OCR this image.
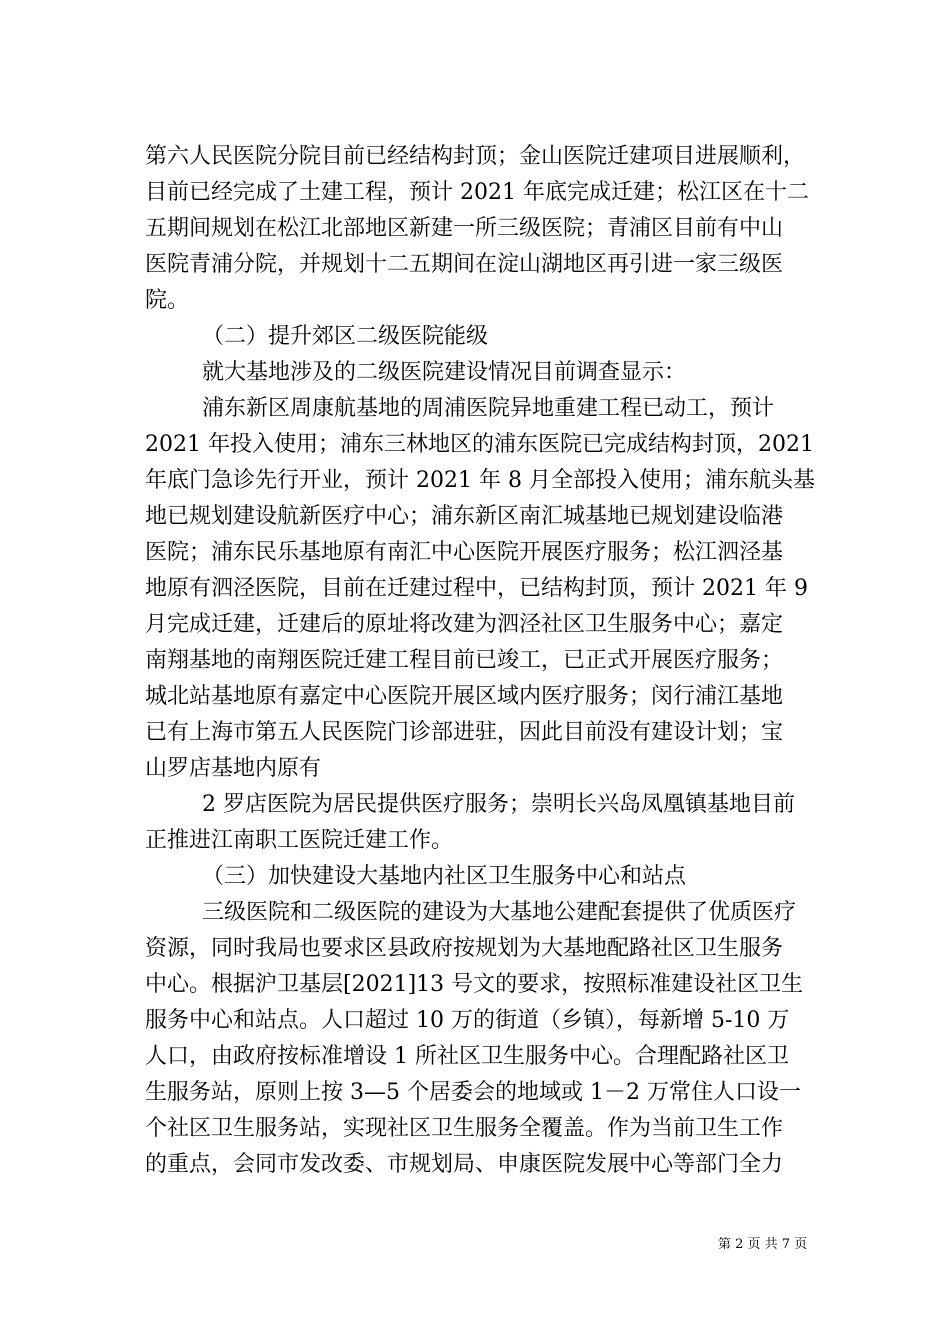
第六人民医院分院目前已经结构封顶；金山医院迁建项目进展顺利，
目前已经完成了土建工程，预计 2021 年底完成迁建；松江区在十二
五期间规划在松江北部地区新建一所三级医院；青浦区目前有中山
医院青浦分院，并规划十二五期间在淀山湖地区再引进一家三级医
院。
（二）提升郊区二级医院能级
就大基地涉及的二级医院建设情况目前调查显示：
浦东新区周康航基地的周浦医院异地重建工程已动工，预计
2021 年投入使用；浦东三林地区的浦东医院已完成结构封顶，2021
年底门急诊先行开业，预计 2021 年 8 月全部投入使用；浦东航头基
地已规划建设航新医疗中心；浦东新区南汇城基地已规划建设临港
医院；浦东民乐基地原有南汇中心医院开展医疗服务；松江泗泾基
地原有泗泾医院，目前在迁建过程中，已结构封顶，预计 2021 年 9
月完成迁建，迁建后的原址将改建为泗泾社区卫生服务中心；嘉定
南翔基地的南翔医院迁建工程目前已竣工，已正式开展医疗服务；
城北站基地原有嘉定中心医院开展区域内医疗服务；闵行浦江基地
已有上海市第五人民医院门诊部进驻，因此目前没有建设计划；宝
山罗店基地内原有
2 罗店医院为居民提供医疗服务；崇明长兴岛凤凰镇基地目前
正推进江南职工医院迁建工作。
（三）加快建设大基地内社区卫生服务中心和站点
三级医院和二级医院的建设为大基地公建配套提供了优质医疗
资源，同时我局也要求区县政府按规划为大基地配路社区卫生服务
中心。根据沪卫基层[2021]13 号文的要求，按照标准建设社区卫生
服务中心和站点。人口超过 10 万的街道（乡镇），每新增 5-10 万
人口，由政府按标准增设 1 所社区卫生服务中心。合理配路社区卫
生服务站，原则上按 3—5 个居委会的地域或 1－2 万常住人口设一
个社区卫生服务站，实现社区卫生服务全覆盖。作为当前卫生工作
的重点，会同市发改委、市规划局、申康医院发展中心等部门全力
第 2 页 共 7 页
